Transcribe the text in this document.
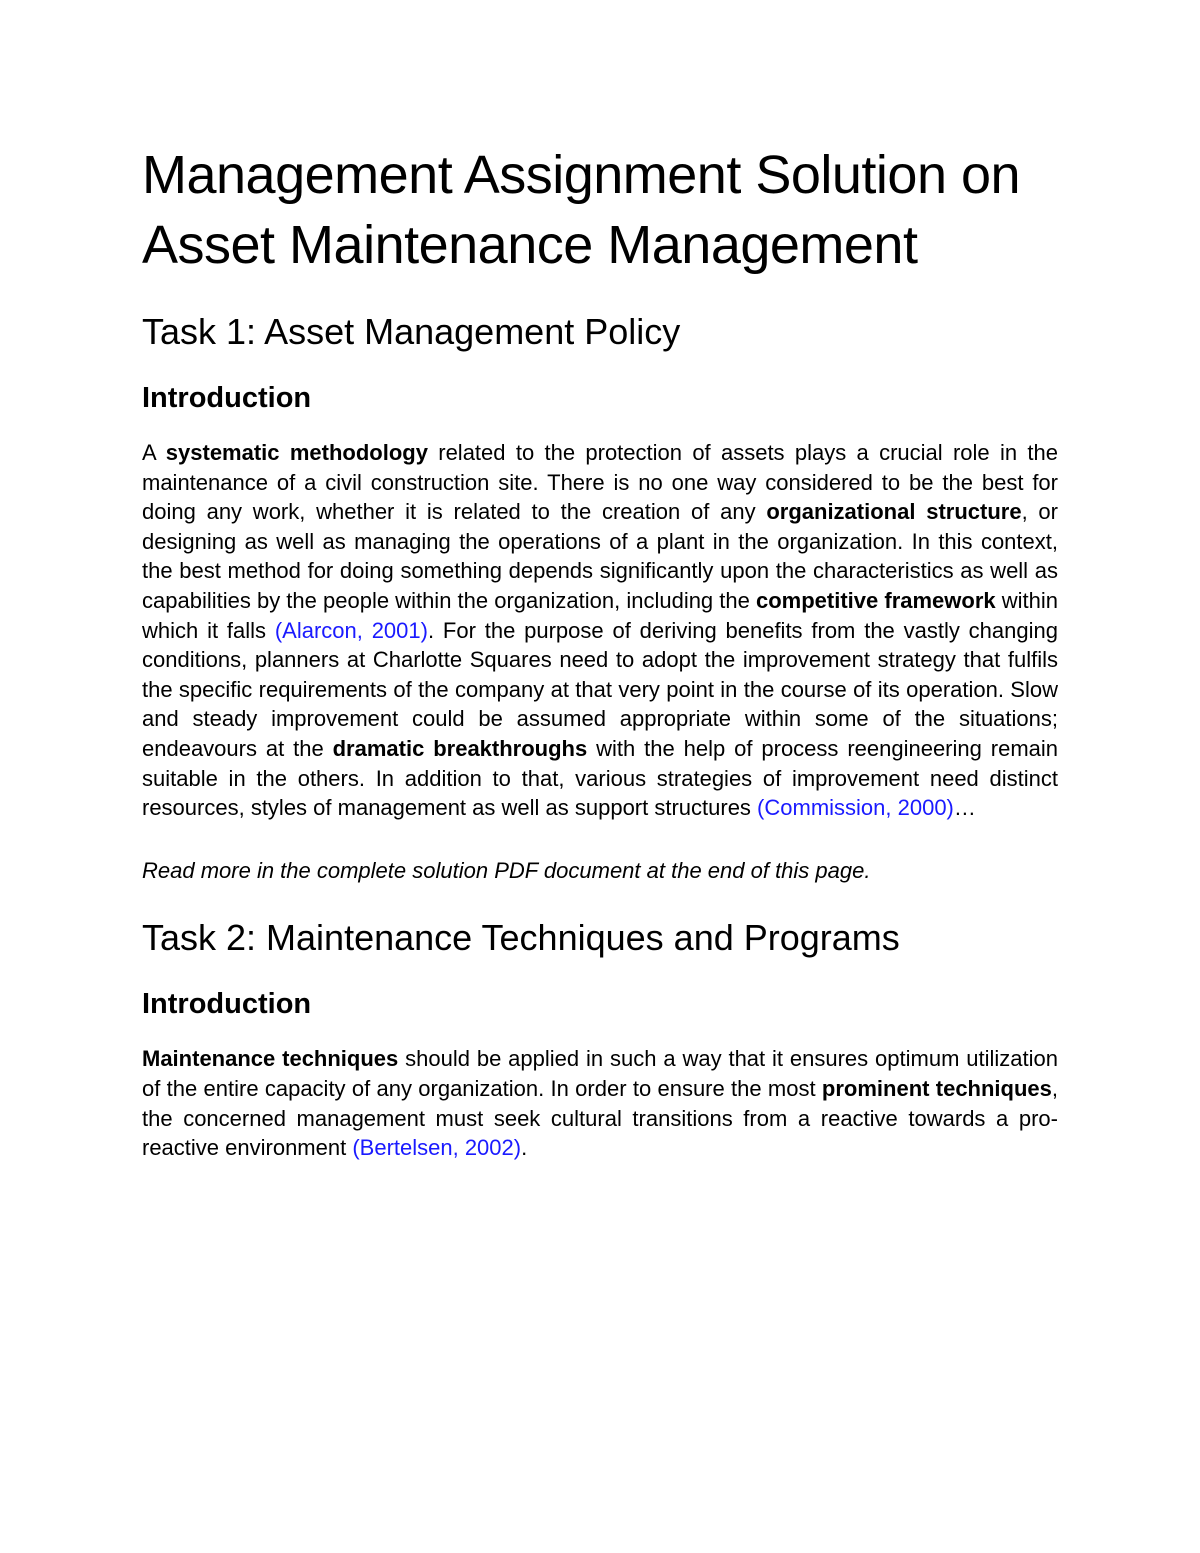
Management Assignment Solution on Asset Maintenance Management
Task 1: Asset Management Policy
Introduction

A systematic methodology related to the protection of assets plays a crucial role in the maintenance of a civil construction site. There is no one way considered to be the best for doing any work, whether it is related to the creation of any organizational structure, or designing as well as managing the operations of a plant in the organization. In this context, the best method for doing something depends significantly upon the characteristics as well as capabilities by the people within the organization, including the competitive framework within which it falls (Alarcon, 2001). For the purpose of deriving benefits from the vastly changing conditions, planners at Charlotte Squares need to adopt the improvement strategy that fulfils the specific requirements of the company at that very point in the course of its operation. Slow and steady improvement could be assumed appropriate within some of the situations; endeavours at the dramatic breakthroughs with the help of process reengineering remain suitable in the others. In addition to that, various strategies of improvement need distinct resources, styles of management as well as support structures (Commission, 2000)…

Read more in the complete solution PDF document at the end of this page.

Task 2: Maintenance Techniques and Programs
Introduction

Maintenance techniques should be applied in such a way that it ensures optimum utilization of the entire capacity of any organization. In order to ensure the most prominent techniques, the concerned management must seek cultural transitions from a reactive towards a pro-reactive environment (Bertelsen, 2002).
